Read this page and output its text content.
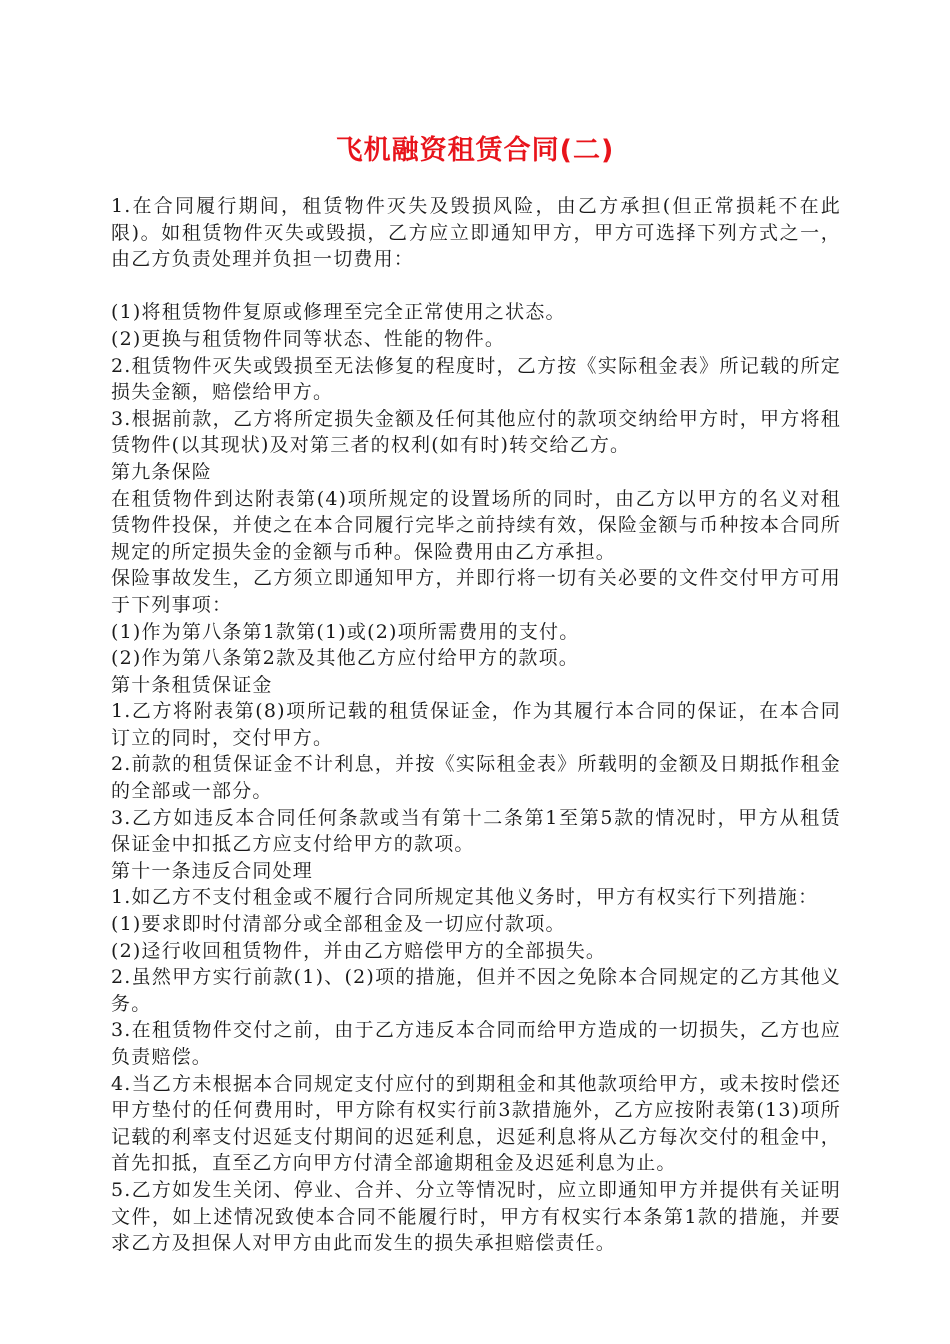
飞机融资租赁合同(二)

1.在合同履行期间，租赁物件灭失及毁损风险，由乙方承担(但正常损耗不在此限)。如租赁物件灭失或毁损，乙方应立即通知甲方，甲方可选择下列方式之一，由乙方负责处理并负担一切费用：

(1)将租赁物件复原或修理至完全正常使用之状态。

(2)更换与租赁物件同等状态、性能的物件。

2.租赁物件灭失或毁损至无法修复的程度时，乙方按《实际租金表》所记载的所定损失金额，赔偿给甲方。

3.根据前款，乙方将所定损失金额及任何其他应付的款项交纳给甲方时，甲方将租赁物件(以其现状)及对第三者的权利(如有时)转交给乙方。

第九条保险

在租赁物件到达附表第(4)项所规定的设置场所的同时，由乙方以甲方的名义对租赁物件投保，并使之在本合同履行完毕之前持续有效，保险金额与币种按本合同所规定的所定损失金的金额与币种。保险费用由乙方承担。

保险事故发生，乙方须立即通知甲方，并即行将一切有关必要的文件交付甲方可用于下列事项：

(1)作为第八条第1款第(1)或(2)项所需费用的支付。

(2)作为第八条第2款及其他乙方应付给甲方的款项。

第十条租赁保证金

1.乙方将附表第(8)项所记载的租赁保证金，作为其履行本合同的保证，在本合同订立的同时，交付甲方。

2.前款的租赁保证金不计利息，并按《实际租金表》所载明的金额及日期抵作租金的全部或一部分。

3.乙方如违反本合同任何条款或当有第十二条第1至第5款的情况时，甲方从租赁保证金中扣抵乙方应支付给甲方的款项。

第十一条违反合同处理

1.如乙方不支付租金或不履行合同所规定其他义务时，甲方有权实行下列措施：

(1)要求即时付清部分或全部租金及一切应付款项。

(2)迳行收回租赁物件，并由乙方赔偿甲方的全部损失。

2.虽然甲方实行前款(1)、(2)项的措施，但并不因之免除本合同规定的乙方其他义务。

3.在租赁物件交付之前，由于乙方违反本合同而给甲方造成的一切损失，乙方也应负责赔偿。

4.当乙方未根据本合同规定支付应付的到期租金和其他款项给甲方，或未按时偿还甲方垫付的任何费用时，甲方除有权实行前3款措施外，乙方应按附表第(13)项所记载的利率支付迟延支付期间的迟延利息，迟延利息将从乙方每次交付的租金中，首先扣抵，直至乙方向甲方付清全部逾期租金及迟延利息为止。

5.乙方如发生关闭、停业、合并、分立等情况时，应立即通知甲方并提供有关证明文件，如上述情况致使本合同不能履行时，甲方有权实行本条第1款的措施，并要求乙方及担保人对甲方由此而发生的损失承担赔偿责任。
